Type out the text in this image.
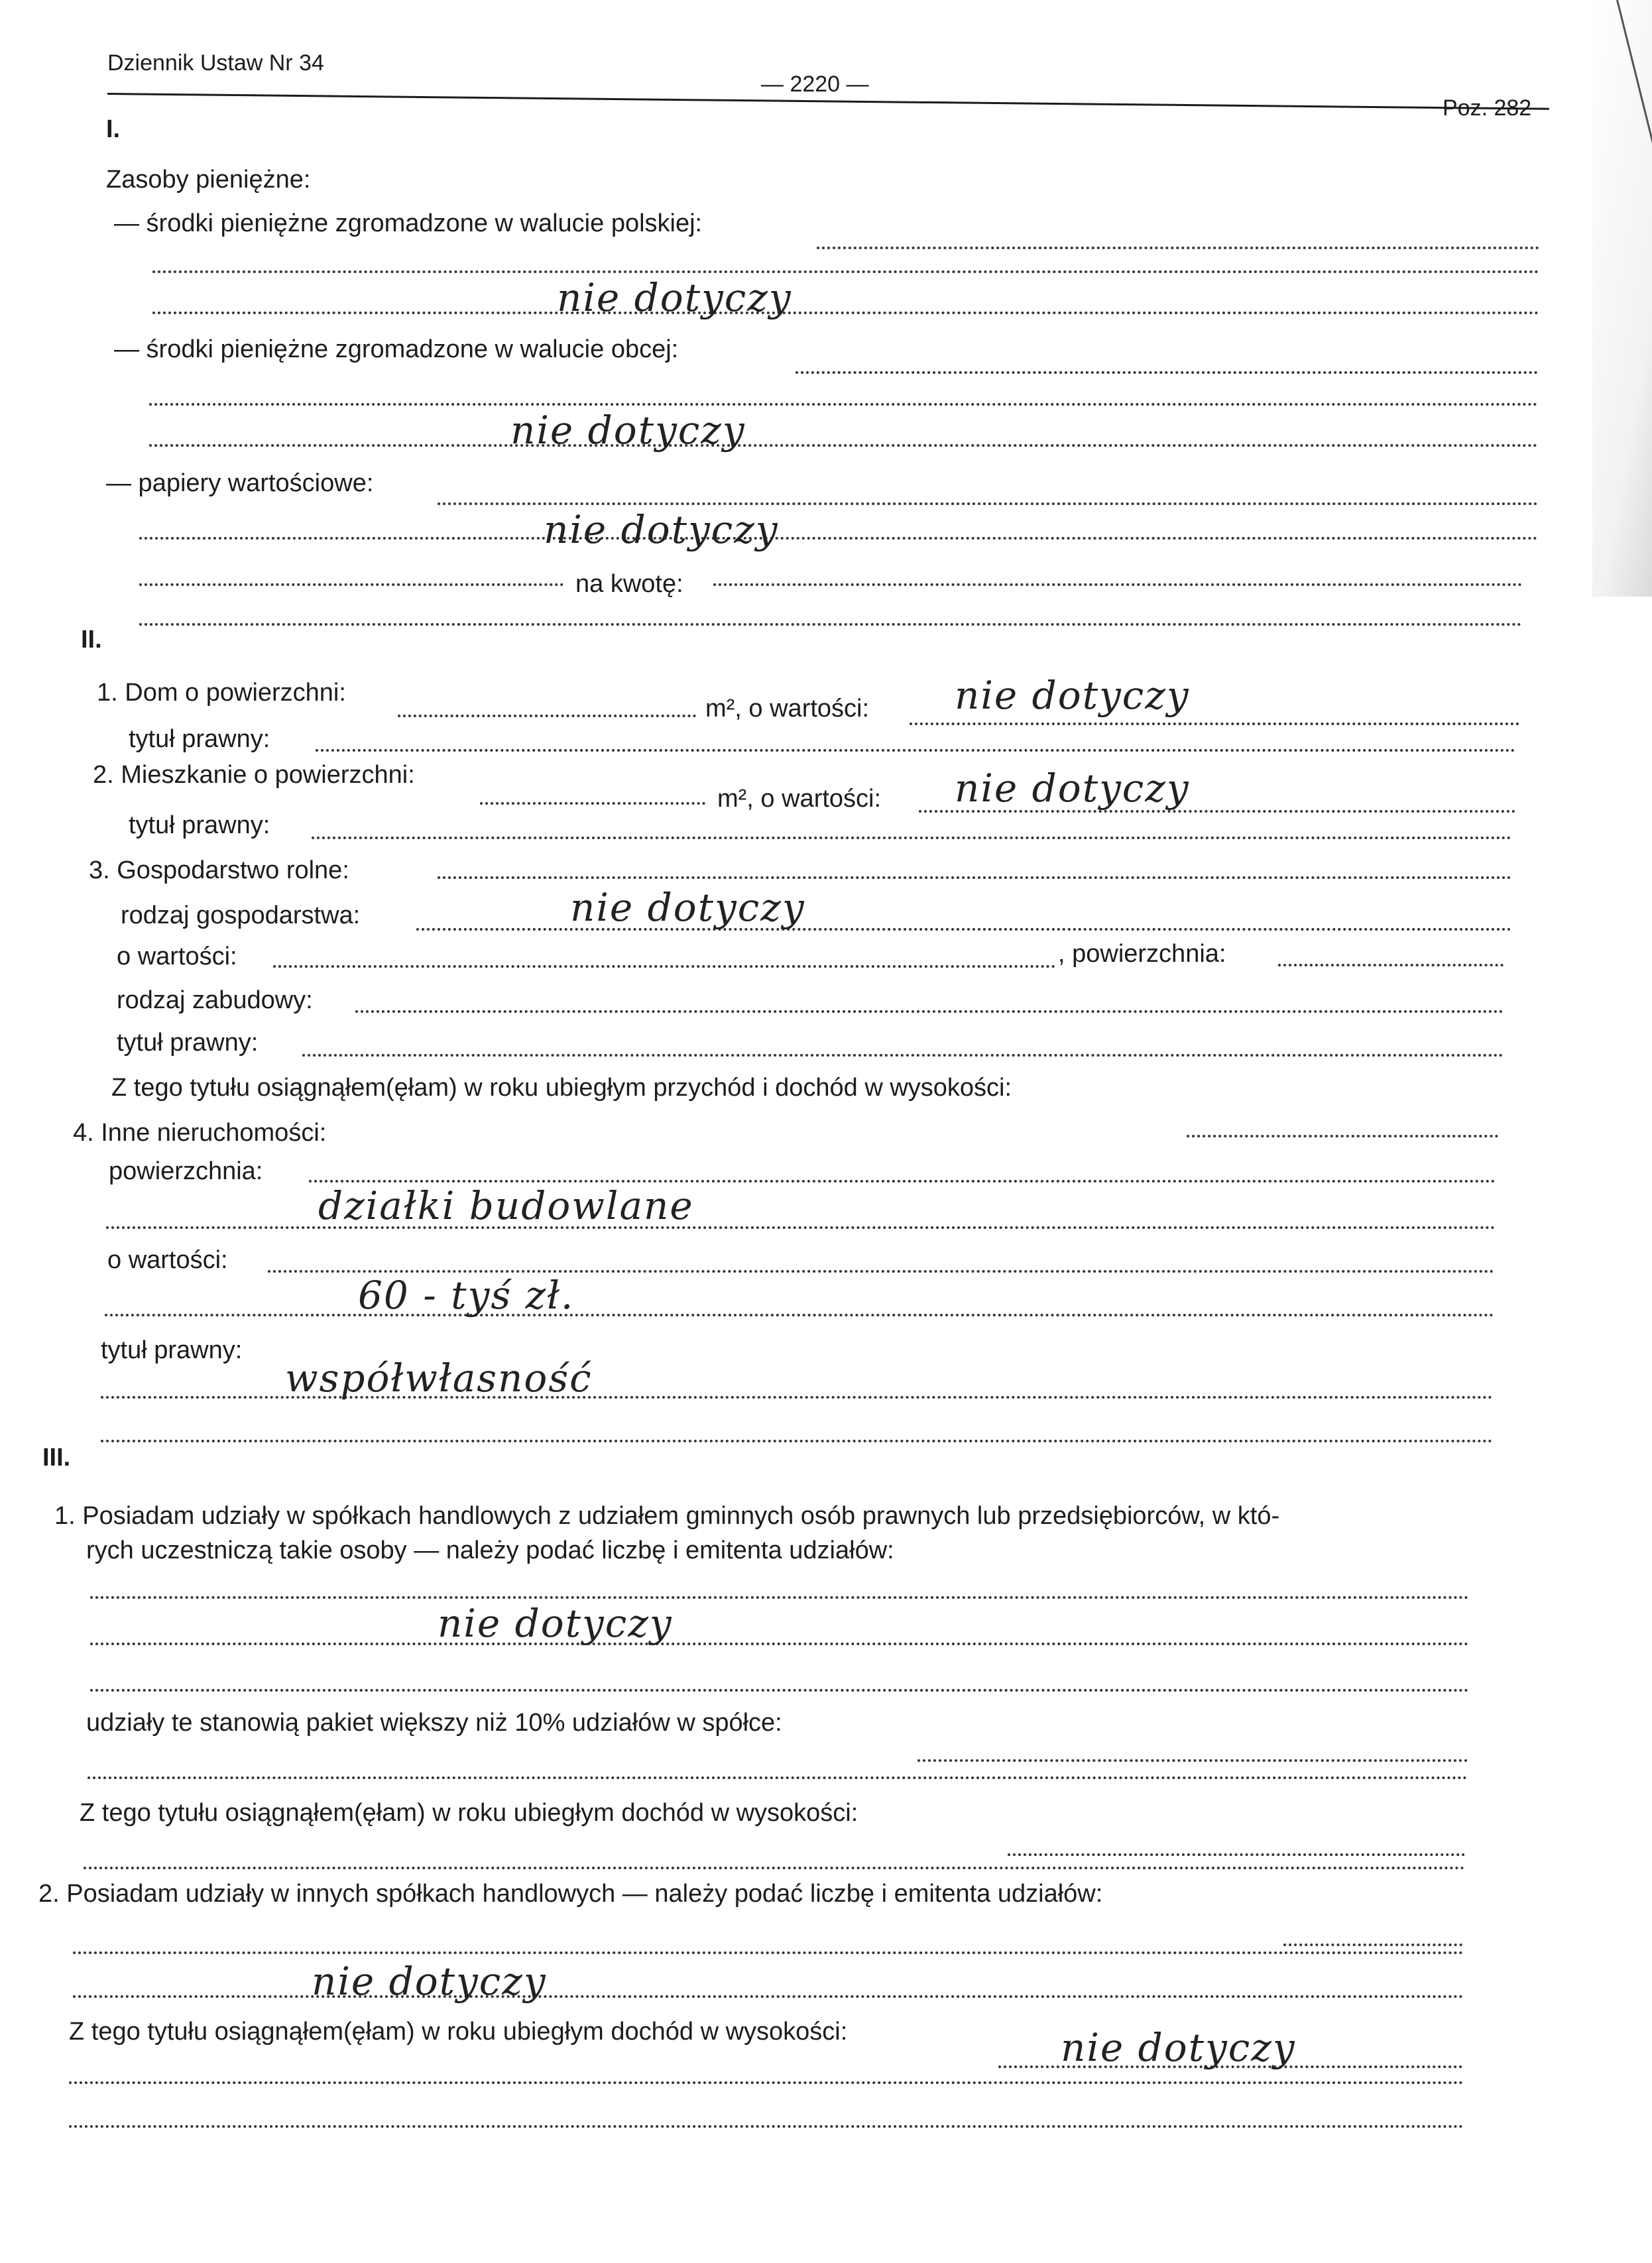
Dziennik Ustaw Nr 34
— 2220 —
Poz. 282
I.
Zasoby pieniężne:
— środki pieniężne zgromadzone w walucie polskiej:
nie dotyczy
— środki pieniężne zgromadzone w walucie obcej:
nie dotyczy
— papiery wartościowe:
nie dotyczy
na kwotę:
II.
1. Dom o powierzchni:
m², o wartości: nie dotyczy
tytuł prawny:
2. Mieszkanie o powierzchni:
m², o wartości: nie dotyczy
tytuł prawny:
3. Gospodarstwo rolne:
rodzaj gospodarstwa:	nie dotyczy
o wartości:	, powierzchnia:
rodzaj zabudowy:
tytuł prawny:
Z tego tytułu osiągnąłem(ęłam) w roku ubiegłym przychód i dochód w wysokości:
4. Inne nieruchomości:
powierzchnia:
działki budowlane
o wartości:
60 - tyś zł.
tytuł prawny:
współwłasność
III.
1. Posiadam udziały w spółkach handlowych z udziałem gminnych osób prawnych lub przedsiębiorców, w któ-
rych uczestniczą takie osoby — należy podać liczbę i emitenta udziałów:
nie dotyczy
udziały te stanowią pakiet większy niż 10% udziałów w spółce:
Z tego tytułu osiągnąłem(ęłam) w roku ubiegłym dochód w wysokości:
2. Posiadam udziały w innych spółkach handlowych — należy podać liczbę i emitenta udziałów:
nie dotyczy
Z tego tytułu osiągnąłem(ęłam) w roku ubiegłym dochód w wysokości:	nie dotyczy
